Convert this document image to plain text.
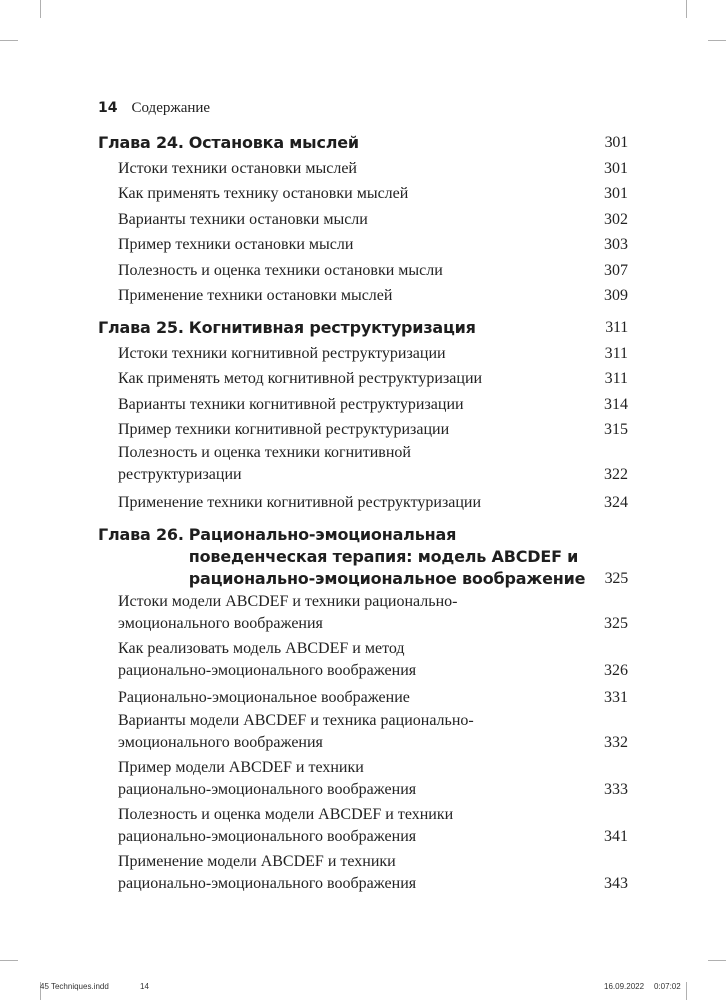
14 Содержание
Глава 24. Остановка мыслей	301
Истоки техники остановки мыслей	301
Как применять технику остановки мыслей	301
Варианты техники остановки мысли	302
Пример техники остановки мысли	303
Полезность и оценка техники остановки мысли	307
Применение техники остановки мыслей	309
Глава 25. Когнитивная реструктуризация	311
Истоки техники когнитивной реструктуризации	311
Как применять метод когнитивной реструктуризации	311
Варианты техники когнитивной реструктуризации	314
Пример техники когнитивной реструктуризации	315
Полезность и оценка техники когнитивной реструктуризации	322
Применение техники когнитивной реструктуризации	324
Глава 26. Рационально-эмоциональная поведенческая терапия: модель ABCDEF и рационально-эмоциональное воображение 325
Истоки модели ABCDEF и техники рационально-эмоционального воображения	325
Как реализовать модель ABCDEF и метод рационально-эмоционального воображения	326
Рационально-эмоциональное воображение	331
Варианты модели ABCDEF и техника рационально-эмоционального воображения	332
Пример модели ABCDEF и техники рационально-эмоционального воображения	333
Полезность и оценка модели ABCDEF и техники рационально-эмоционального воображения	341
Применение модели ABCDEF и техники рационально-эмоционального воображения	343
45 Techniques.indd	14	16.09.2022 0:07:02
